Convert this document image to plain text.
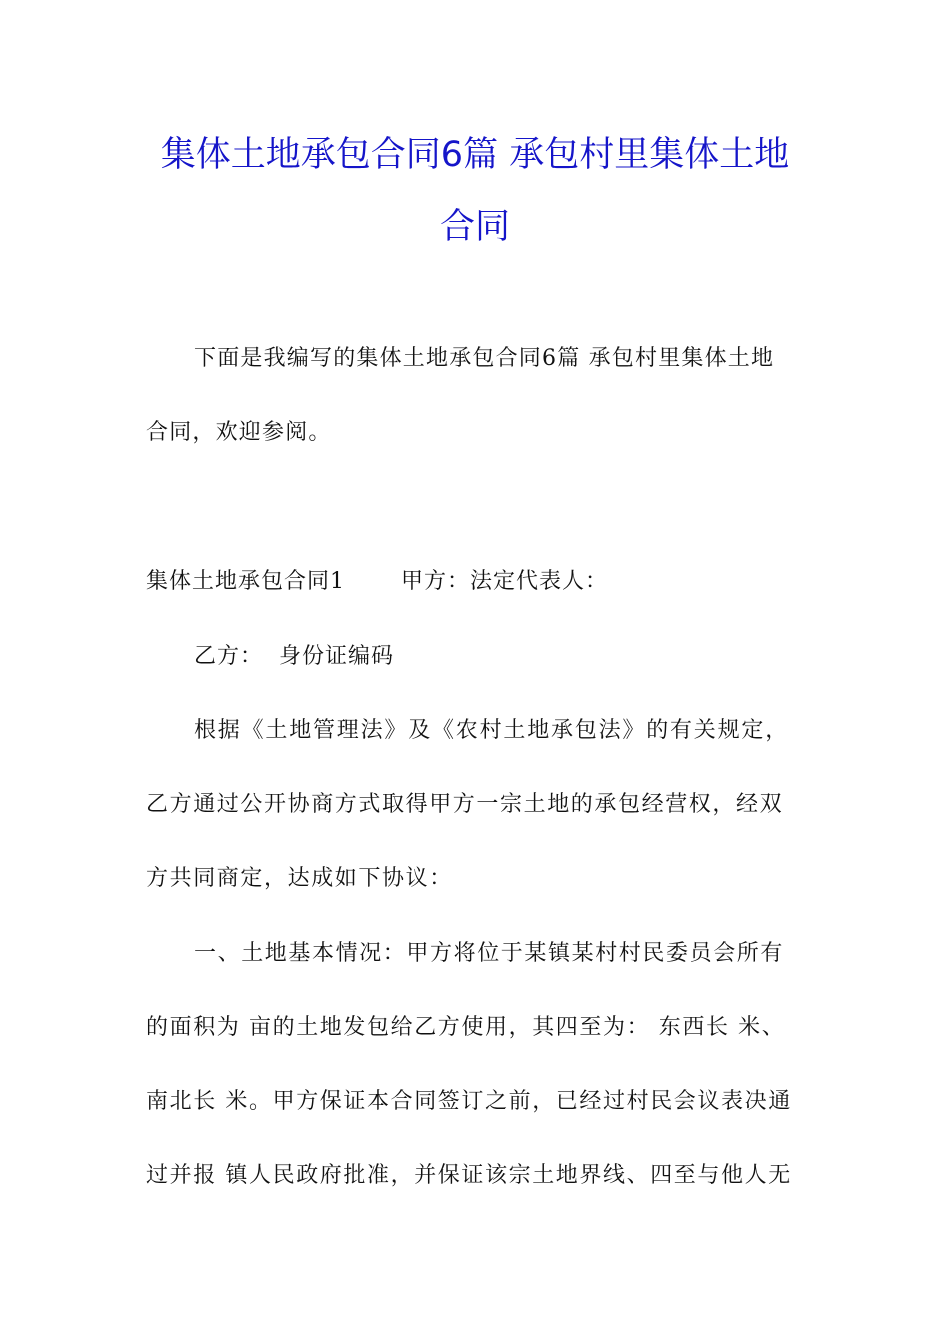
集体土地承包合同6篇 承包村里集体土地
合同
下面是我编写的集体土地承包合同6篇 承包村里集体土地
合同，欢迎参阅。
集体土地承包合同1       甲方：法定代表人：
乙方：  身份证编码
根据《土地管理法》及《农村土地承包法》的有关规定，
乙方通过公开协商方式取得甲方一宗土地的承包经营权，经双
方共同商定，达成如下协议：
一、土地基本情况：甲方将位于某镇某村村民委员会所有
的面积为 亩的土地发包给乙方使用，其四至为： 东西长 米、
南北长 米。甲方保证本合同签订之前，已经过村民会议表决通
过并报 镇人民政府批准，并保证该宗土地界线、四至与他人无
